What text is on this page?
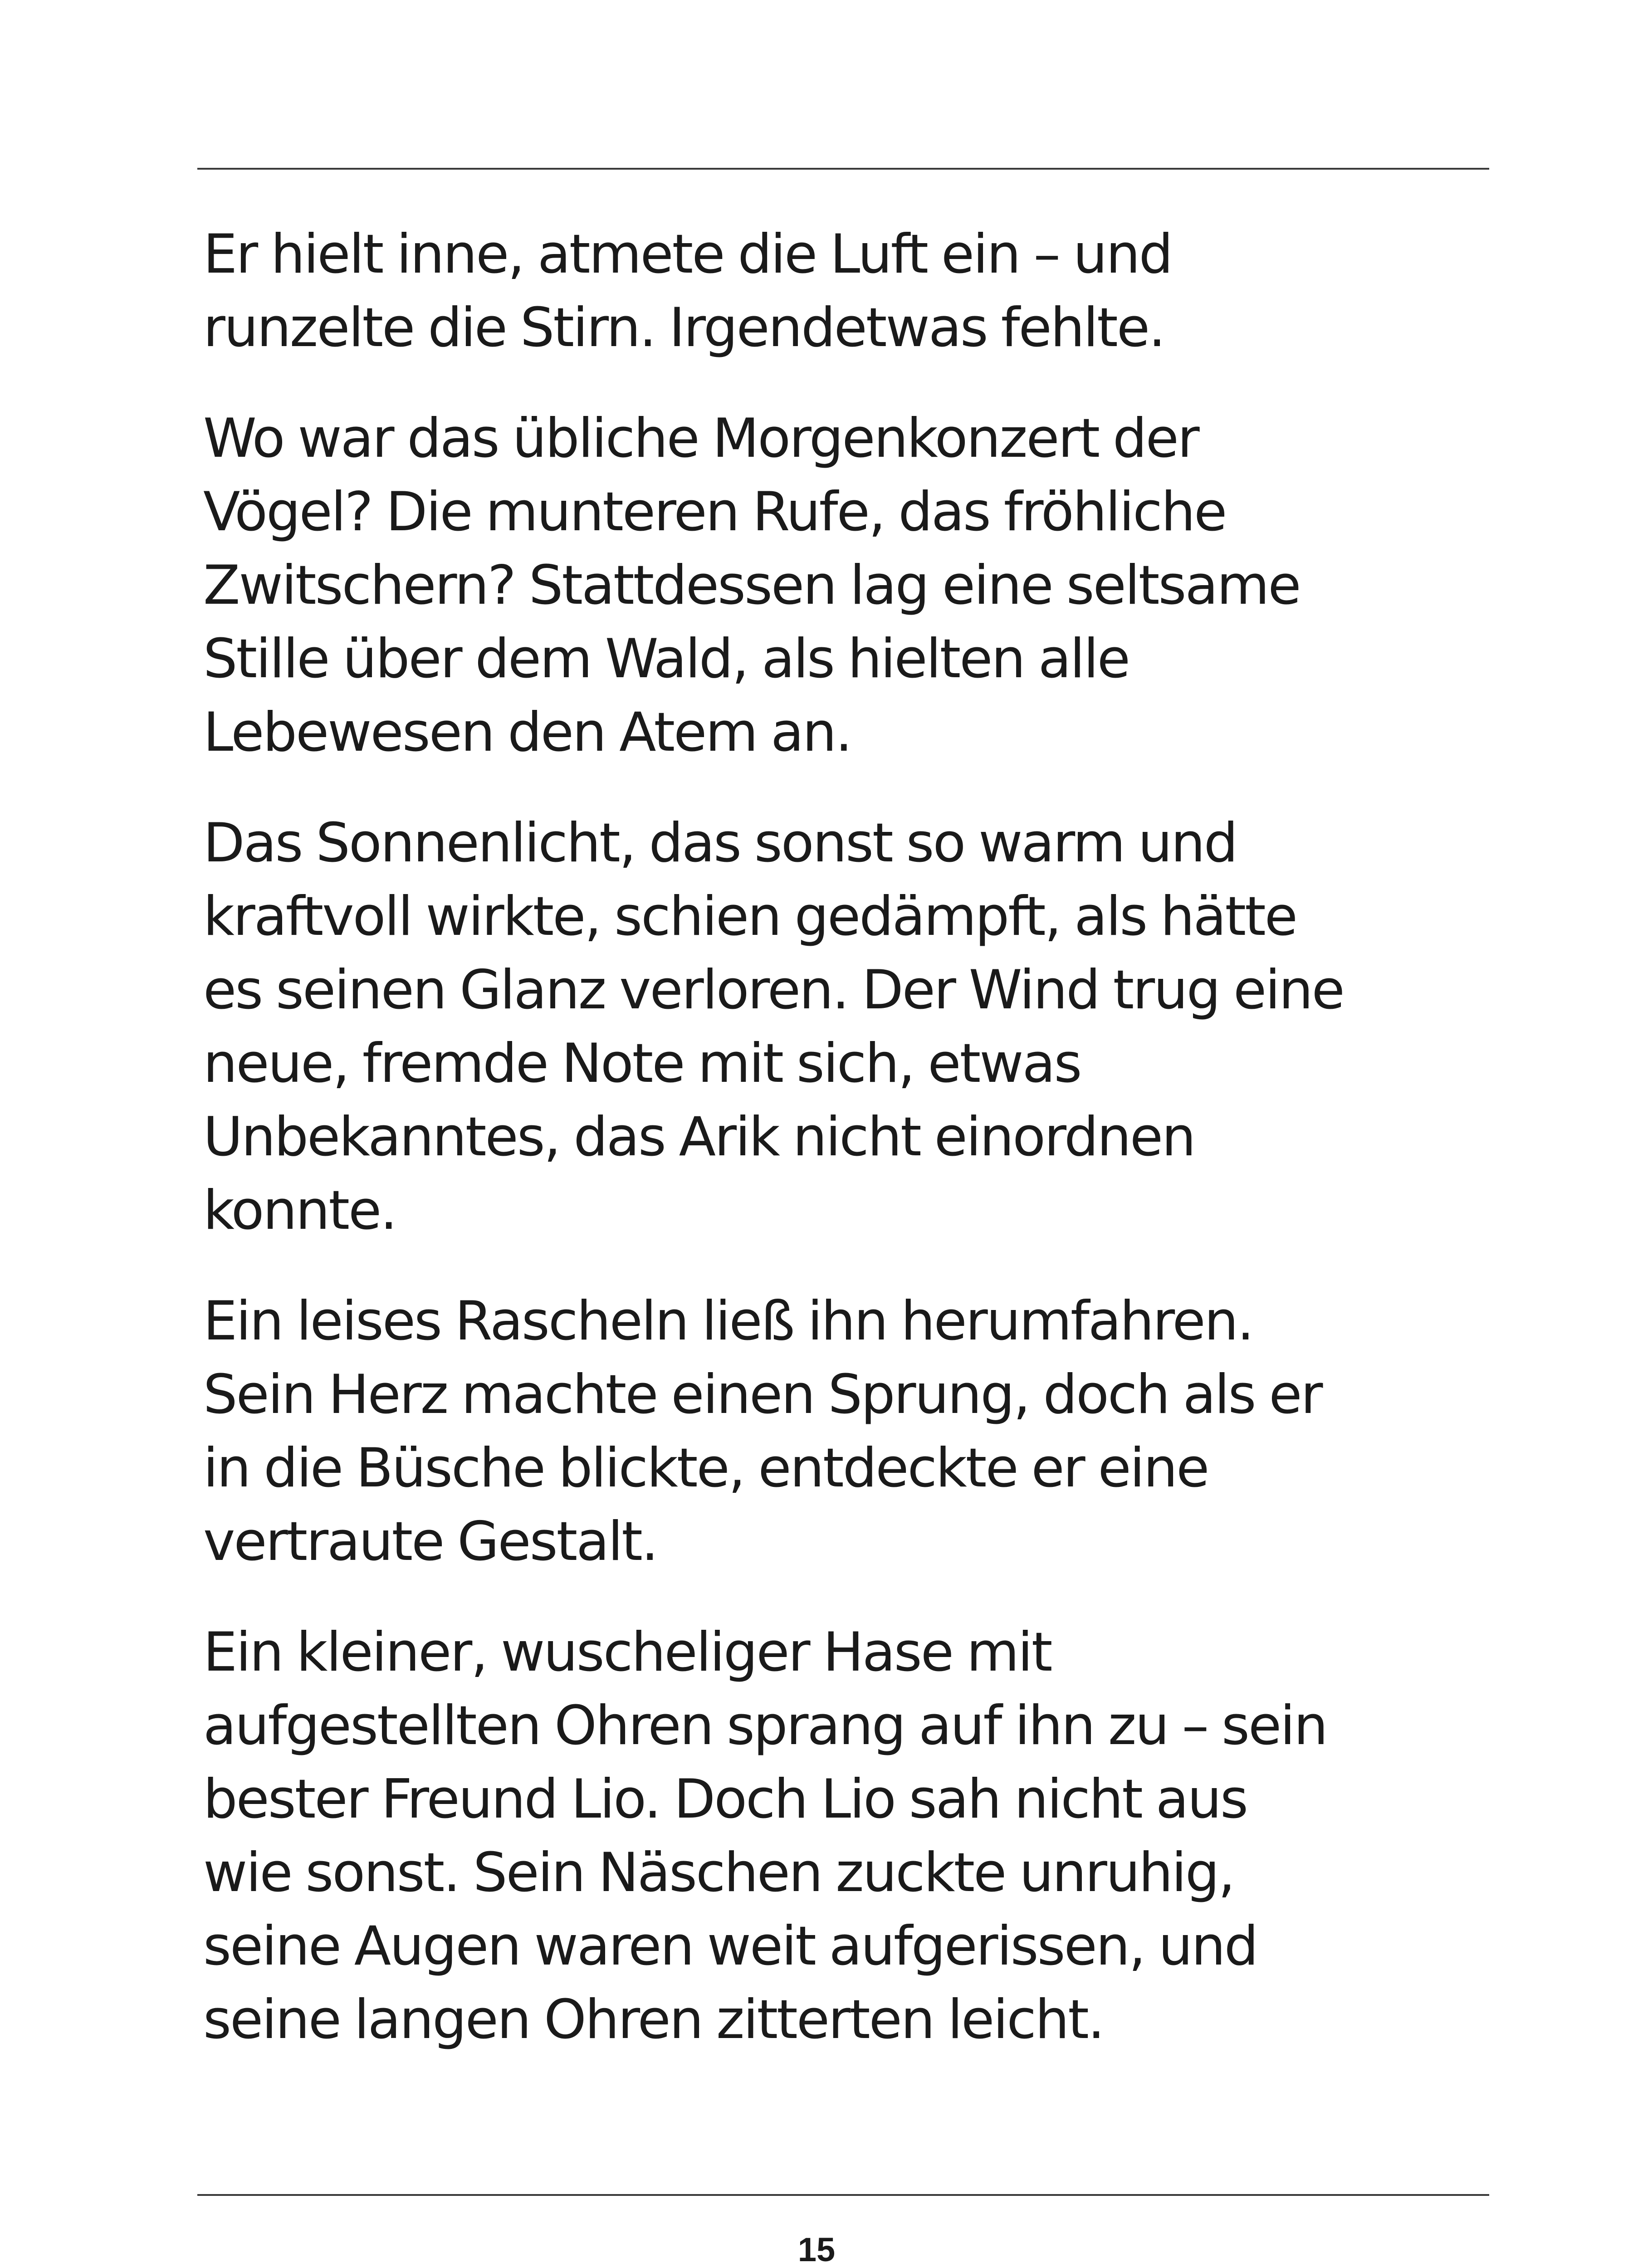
Er hielt inne, atmete die Luft ein – und
runzelte die Stirn. Irgendetwas fehlte.

Wo war das übliche Morgenkonzert der
Vögel? Die munteren Rufe, das fröhliche
Zwitschern? Stattdessen lag eine seltsame
Stille über dem Wald, als hielten alle
Lebewesen den Atem an.

Das Sonnenlicht, das sonst so warm und
kraftvoll wirkte, schien gedämpft, als hätte
es seinen Glanz verloren. Der Wind trug eine
neue, fremde Note mit sich, etwas
Unbekanntes, das Arik nicht einordnen
konnte.

Ein leises Rascheln ließ ihn herumfahren.
Sein Herz machte einen Sprung, doch als er
in die Büsche blickte, entdeckte er eine
vertraute Gestalt.

Ein kleiner, wuscheliger Hase mit
aufgestellten Ohren sprang auf ihn zu – sein
bester Freund Lio. Doch Lio sah nicht aus
wie sonst. Sein Näschen zuckte unruhig,
seine Augen waren weit aufgerissen, und
seine langen Ohren zitterten leicht.

15
